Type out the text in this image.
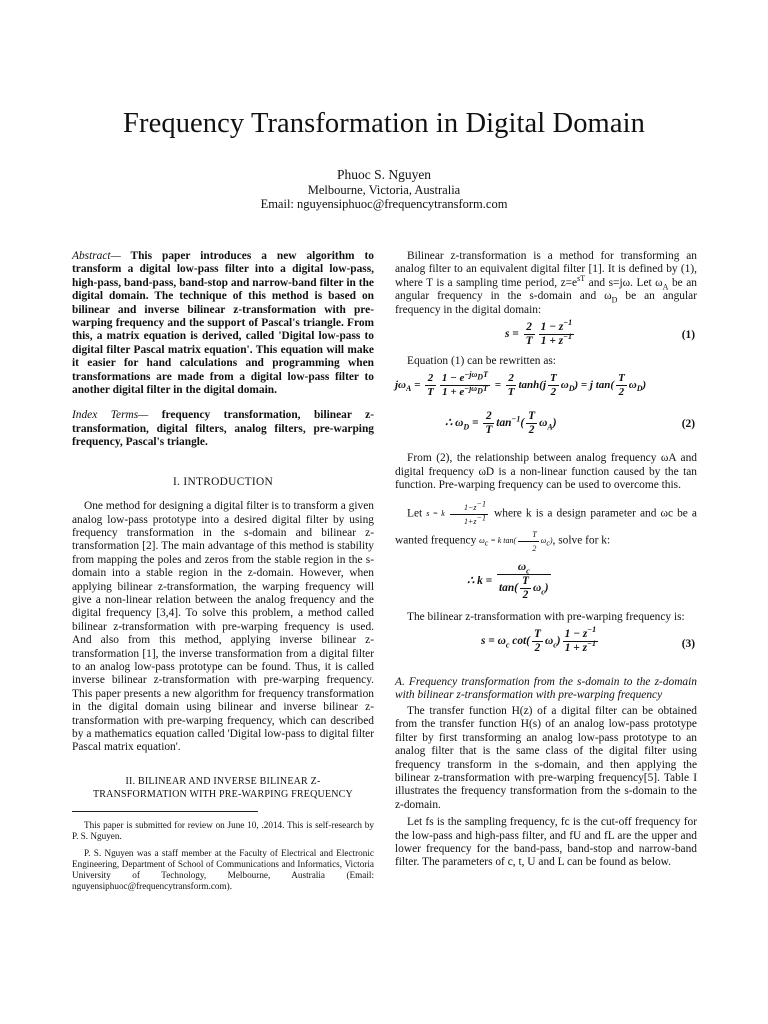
Frequency Transformation in Digital Domain
Phuoc S. Nguyen
Melbourne, Victoria, Australia
Email: nguyensiphuoc@frequencytransform.com

Abstract— This paper introduces a new algorithm to transform a digital low-pass filter into a digital low-pass, high-pass, band-pass, band-stop and narrow-band filter in the digital domain. The technique of this method is based on bilinear and inverse bilinear z-transformation with pre-warping frequency and the support of Pascal's triangle. From this, a matrix equation is derived, called 'Digital low-pass to digital filter Pascal matrix equation'. This equation will make it easier for hand calculations and programming when transformations are made from a digital low-pass filter to another digital filter in the digital domain.

Index Terms— frequency transformation, bilinear z-transformation, digital filters, analog filters, pre-warping frequency, Pascal's triangle.

I. INTRODUCTION

One method for designing a digital filter is to transform a given analog low-pass prototype into a desired digital filter by using frequency transformation in the s-domain and bilinear z-transformation [2]. The main advantage of this method is stability from mapping the poles and zeros from the stable region in the s-domain into a stable region in the z-domain. However, when applying bilinear z-transformation, the warping frequency will give a non-linear relation between the analog frequency and the digital frequency [3,4]. To solve this problem, a method called bilinear z-transformation with pre-warping frequency is used. And also from this method, applying inverse bilinear z-transformation [1], the inverse transformation from a digital filter to an analog low-pass prototype can be found. Thus, it is called inverse bilinear z-transformation with pre-warping frequency. This paper presents a new algorithm for frequency transformation in the digital domain using bilinear and inverse bilinear z-transformation with pre-warping frequency, which can described by a mathematics equation called 'Digital low-pass to digital filter Pascal matrix equation'.

II. BILINEAR AND INVERSE BILINEAR Z-TRANSFORMATION WITH PRE-WARPING FREQUENCY

This paper is submitted for review on June 10, .2014. This is self-research by P. S. Nguyen.

P. S. Nguyen was a staff member at the Faculty of Electrical and Electronic Engineering, Department of School of Communications and Informatics, Victoria University of Technology, Melbourne, Australia (Email: nguyensiphuoc@frequencytransform.com).

Bilinear z-transformation is a method for transforming an analog filter to an equivalent digital filter [1]. It is defined by (1), where T is a sampling time period, $z=e^{sT}$ and s=jω. Let $\omega_A$ be an angular frequency in the s-domain and $\omega_D$ be an angular frequency in the digital domain:

$s = \frac{2}{T} \frac{1 - z^{-1}}{1 + z^{-1}}$	(1)

Equation (1) can be rewritten as:

$j\omega_A = \frac{2}{T} \frac{1 - e^{-j\omega_DT}}{1 + e^{-j\omega_DT}} = \frac{2}{T} \tanh(j \frac{T}{2} \omega_D) = j$ $\tan( \frac{T}{2} \omega_D)$
∴ $\omega_D = \frac{2}{T} \tan^{-1}( \frac{T}{2} \omega_A)$	(2)

From (2), the relationship between analog frequency ωA and digital frequency ωD is a non-linear function caused by the tan function. Pre-warping frequency can be used to overcome this.

Let s = k $\frac{1-z^{-1}}{1+z^{-1}}$ where k is a design parameter and ωc be a wanted frequency $\omega_c = k$ $\tan( \frac{T}{2} \omega_c)$, solve for k:

∴ $k = \frac{\omega_c}{\tan( \frac{T}{2} \omega_c)}$

The bilinear z-transformation with pre-warping frequency is:

$s = \omega_c$ $\cot( \frac{T}{2} \omega_c) \frac{1 - z^{-1}}{1 + z^{-1}}$	(3)

A. Frequency transformation from the s-domain to the z-domain with bilinear z-transformation with pre-warping frequency

The transfer function H(z) of a digital filter can be obtained from the transfer function H(s) of an analog low-pass prototype filter by first transforming an analog low-pass prototype to an analog filter that is the same class of the digital filter using frequency transform in the s-domain, and then applying the bilinear z-transformation with pre-warping frequency[5]. Table I illustrates the frequency transformation from the s-domain to the z-domain.

Let fs is the sampling frequency, fc is the cut-off frequency for the low-pass and high-pass filter, and fU and fL are the upper and lower frequency for the band-pass, band-stop and narrow-band filter. The parameters of c, t, U and L can be found as below.
